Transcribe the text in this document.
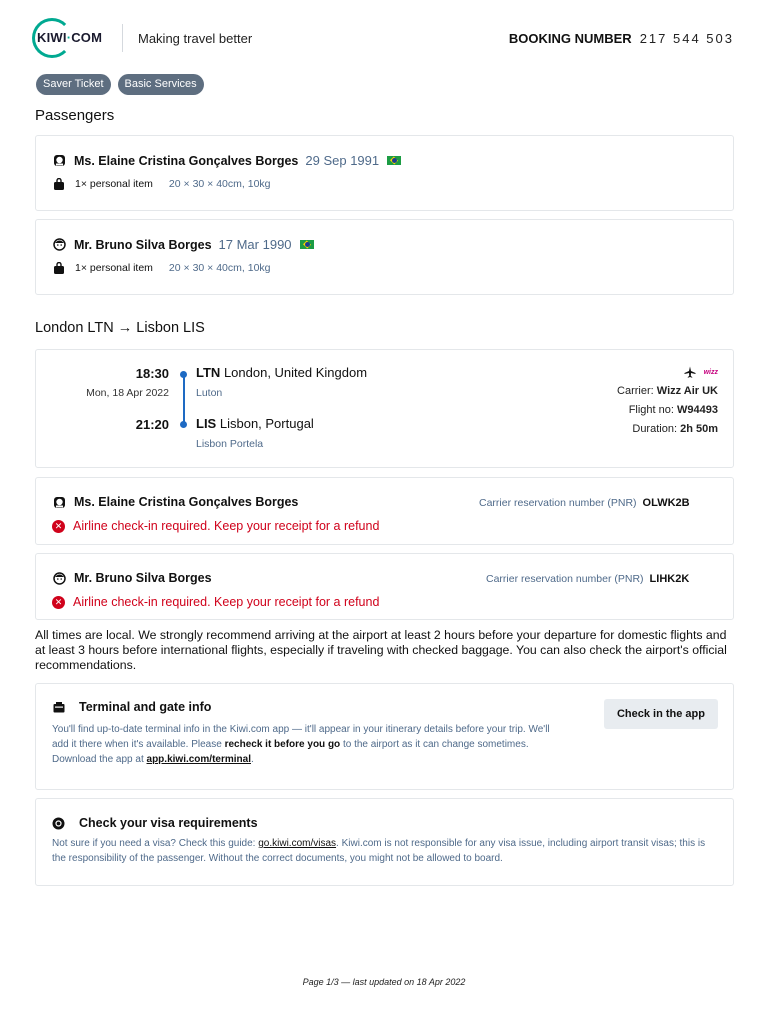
KIWI·COM	Making travel better	BOOKING NUMBER 217 544 503
Saver Ticket	Basic Services
Passengers
Ms. Elaine Cristina Gonçalves Borges 29 Sep 1991
1× personal item 20 × 30 × 40cm, 10kg
Mr. Bruno Silva Borges 17 Mar 1990
1× personal item 20 × 30 × 40cm, 10kg
London LTN → Lisbon LIS
18:30
Mon, 18 Apr 2022
21:20
LTN London, United Kingdom
Luton
LIS Lisbon, Portugal
Lisbon Portela
wizz
Carrier: Wizz Air UK
Flight no: W94493
Duration: 2h 50m
Ms. Elaine Cristina Gonçalves Borges	Carrier reservation number (PNR) OLWK2B
✕ Airline check-in required. Keep your receipt for a refund
Mr. Bruno Silva Borges	Carrier reservation number (PNR) LIHK2K
✕ Airline check-in required. Keep your receipt for a refund
All times are local. We strongly recommend arriving at the airport at least 2 hours before your departure for domestic flights and at least 3 hours before international flights, especially if traveling with checked baggage. You can also check the airport's official recommendations.
Terminal and gate info
You'll find up-to-date terminal info in the Kiwi.com app — it'll appear in your itinerary details before your trip. We'll add it there when it's available. Please recheck it before you go to the airport as it can change sometimes. Download the app at app.kiwi.com/terminal.
Check in the app
Check your visa requirements
Not sure if you need a visa? Check this guide: go.kiwi.com/visas. Kiwi.com is not responsible for any visa issue, including airport transit visas; this is the responsibility of the passenger. Without the correct documents, you might not be allowed to board.
Page 1/3 — last updated on 18 Apr 2022
